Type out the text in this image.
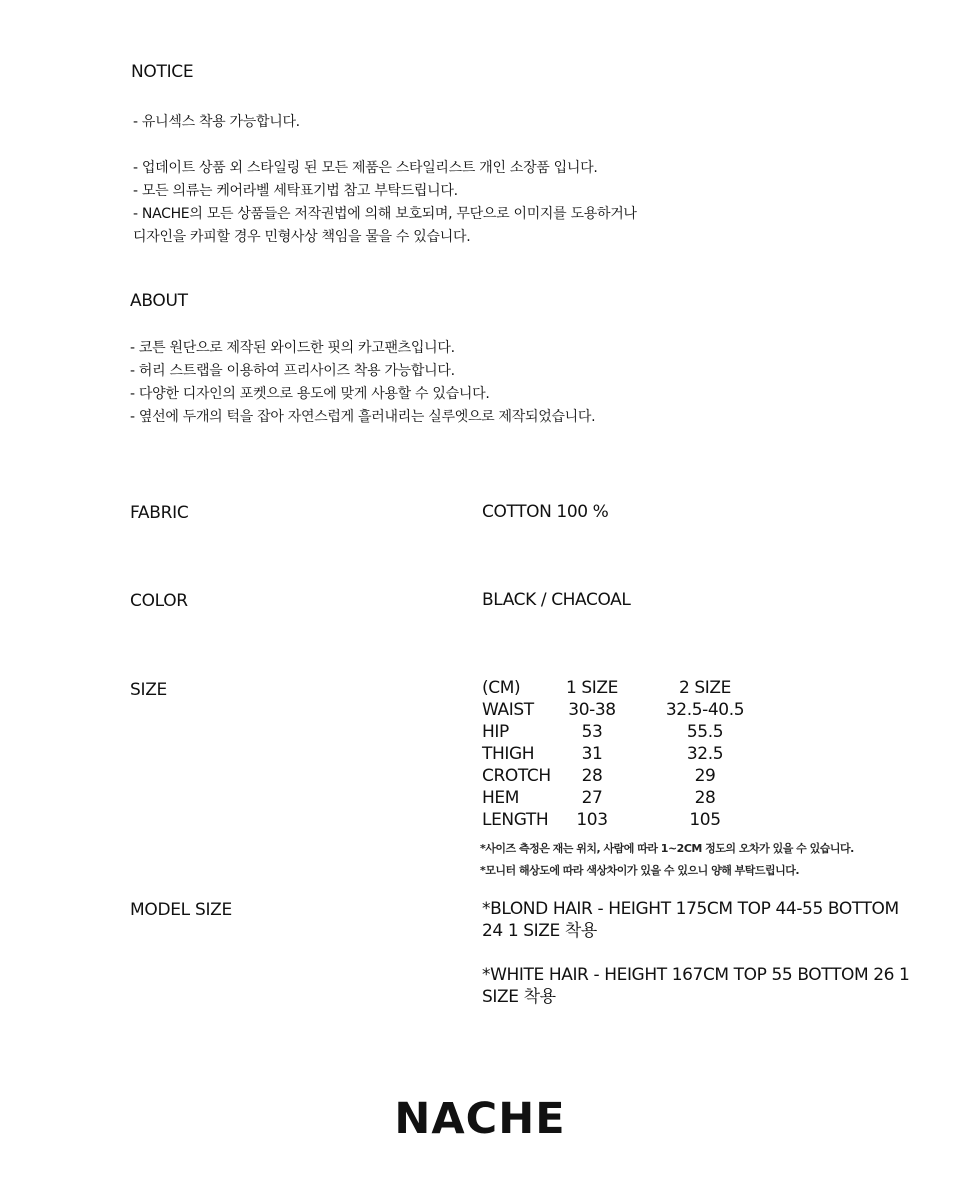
NOTICE
- 유니섹스 착용 가능합니다.
- 업데이트 상품 외 스타일링 된 모든 제품은 스타일리스트 개인 소장품 입니다.
- 모든 의류는 케어라벨 세탁표기법 참고 부탁드립니다.
- NACHE의 모든 상품들은 저작권법에 의해 보호되며, 무단으로 이미지를 도용하거나
디자인을 카피할 경우 민형사상 책임을 물을 수 있습니다.
ABOUT
- 코튼 원단으로 제작된 와이드한 핏의 카고팬츠입니다.
- 허리 스트랩을 이용하여 프리사이즈 착용 가능합니다.
- 다양한 디자인의 포켓으로 용도에 맞게 사용할 수 있습니다.
- 옆선에 두개의 턱을 잡아 자연스럽게 흘러내리는 실루엣으로 제작되었습니다.
FABRIC	COTTON 100 %
COLOR	BLACK / CHACOAL
SIZE	(CM)	1 SIZE	2 SIZE
WAIST	30-38	32.5-40.5
HIP	53	55.5
THIGH	31	32.5
CROTCH	28	29
HEM	27	28
LENGTH	103	105
*사이즈 측정은 재는 위치, 사람에 따라 1~2CM 정도의 오차가 있을 수 있습니다.
*모니터 해상도에 따라 색상차이가 있을 수 있으니 양해 부탁드립니다.
MODEL SIZE	*BLOND HAIR - HEIGHT 175CM TOP 44-55 BOTTOM 24 1 SIZE 착용
*WHITE HAIR - HEIGHT 167CM TOP 55 BOTTOM 26 1 SIZE 착용
NACHE
